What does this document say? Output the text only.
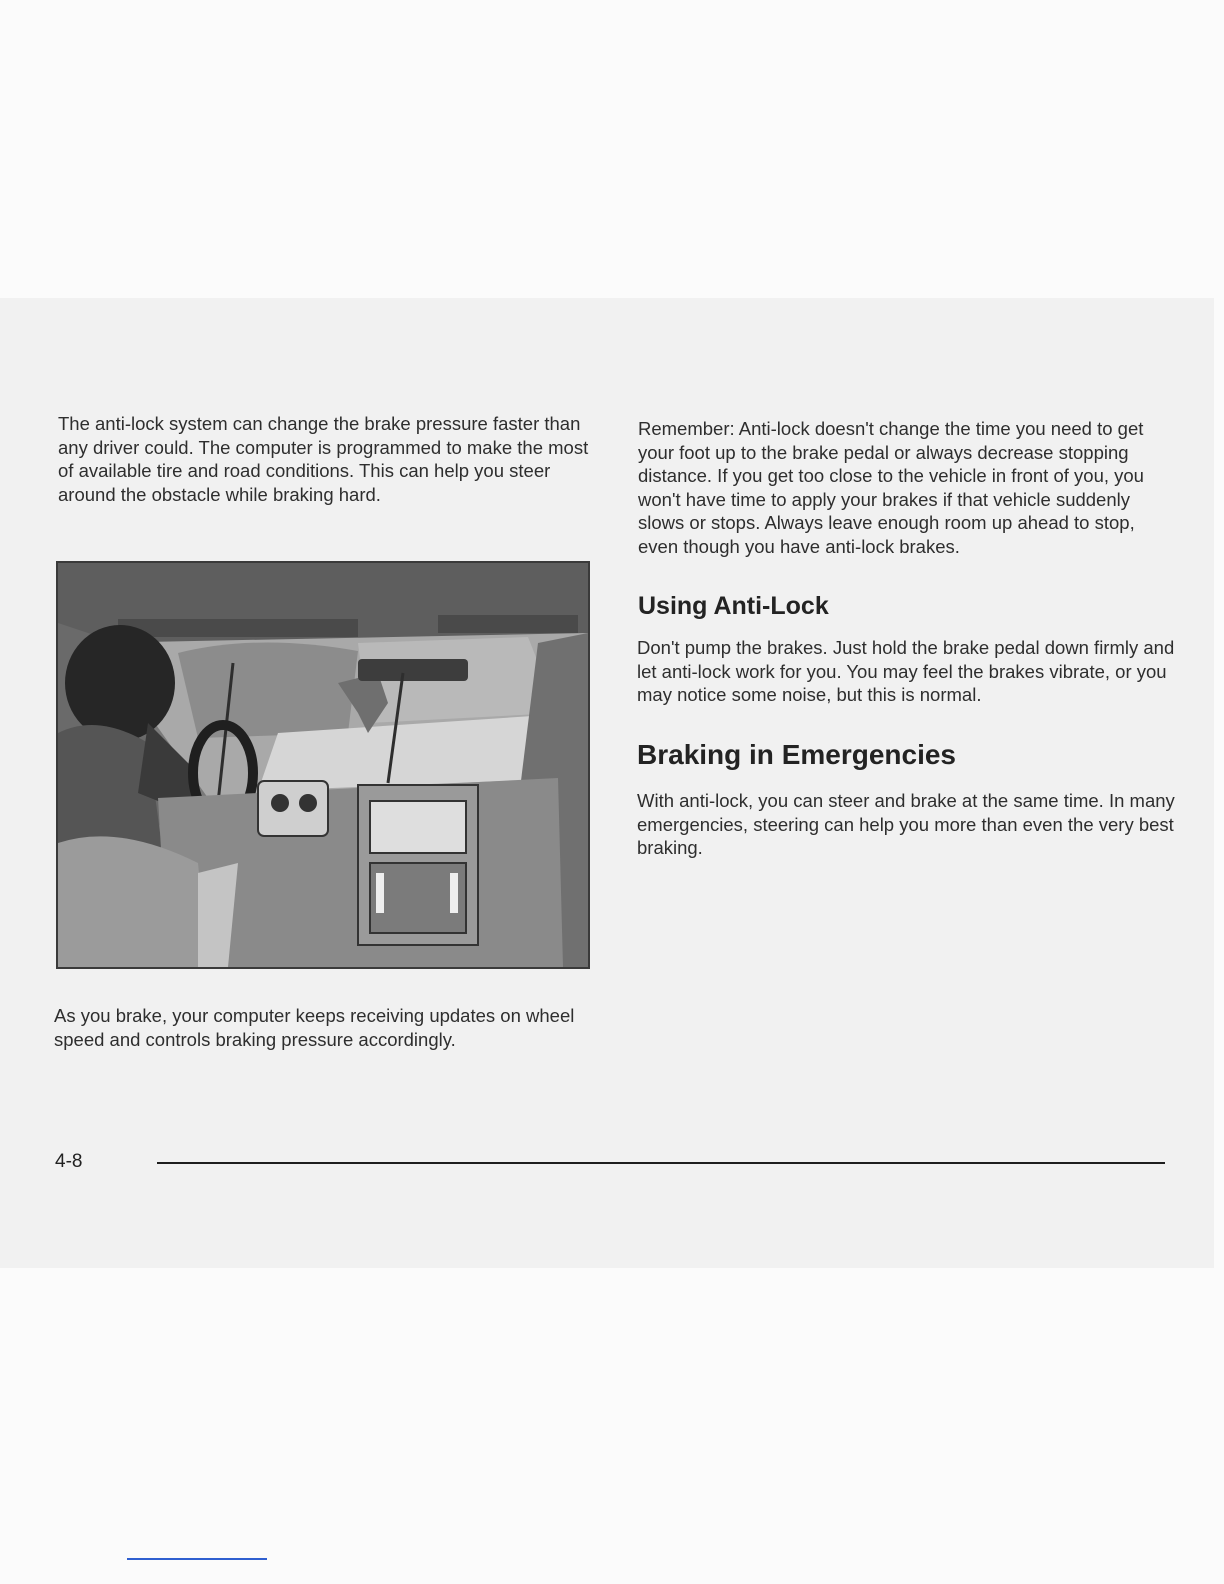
The anti-lock system can change the brake pressure faster than any driver could. The computer is programmed to make the most of available tire and road conditions. This can help you steer around the obstacle while braking hard.

As you brake, your computer keeps receiving updates on wheel speed and controls braking pressure accordingly.

Remember: Anti-lock doesn't change the time you need to get your foot up to the brake pedal or always decrease stopping distance. If you get too close to the vehicle in front of you, you won't have time to apply your brakes if that vehicle suddenly slows or stops. Always leave enough room up ahead to stop, even though you have anti-lock brakes.

Using Anti-Lock

Don't pump the brakes. Just hold the brake pedal down firmly and let anti-lock work for you. You may feel the brakes vibrate, or you may notice some noise, but this is normal.

Braking in Emergencies

With anti-lock, you can steer and brake at the same time. In many emergencies, steering can help you more than even the very best braking.

4-8
